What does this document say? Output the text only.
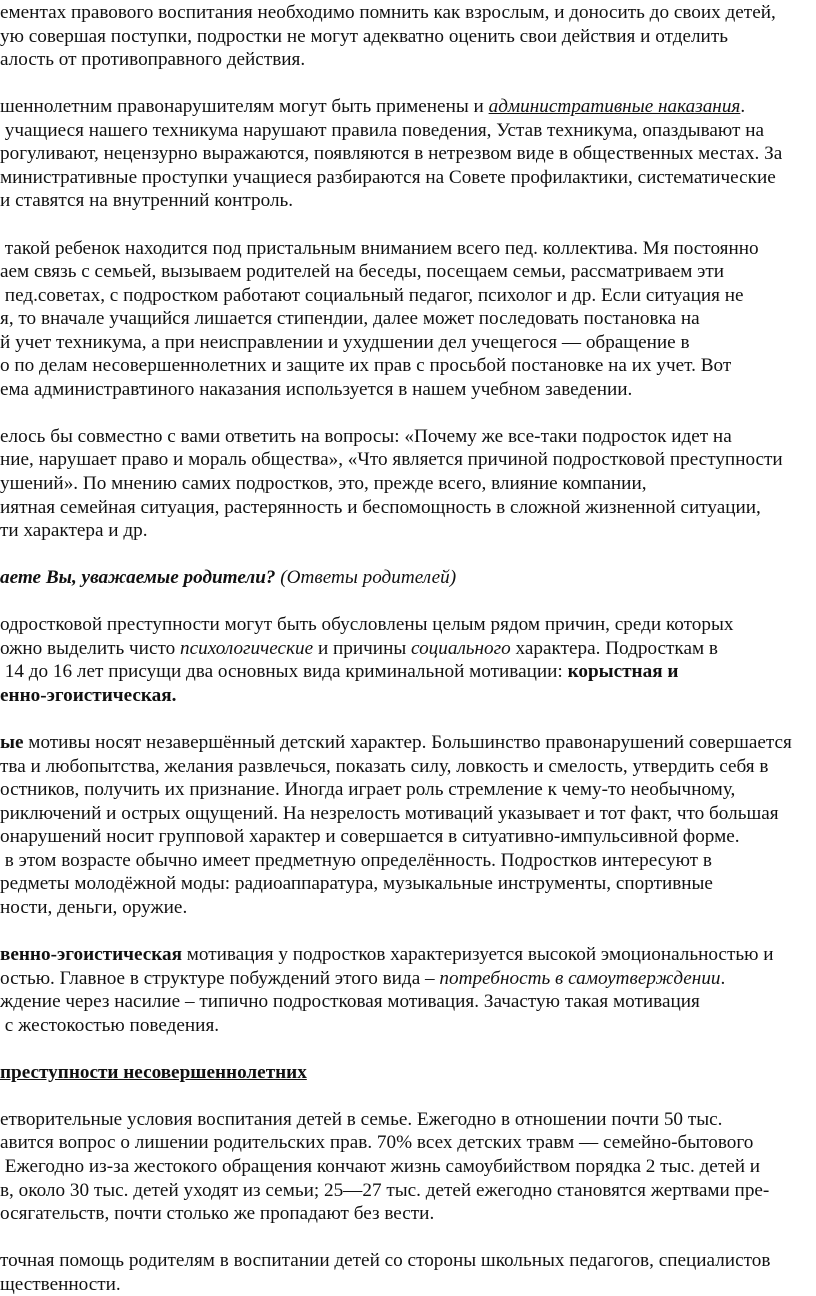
ементах правового воспитания необходимо помнить как взрослым, и доносить до своих детей,
ую совершая поступки, подростки не могут адекватно оценить свои действия и отделить
алость от противоправного действия.
шеннолетним правонарушителям могут быть применены и административные наказания.
учащиеся нашего техникума нарушают правила поведения, Устав техникума, опаздывают на
рогуливают, нецензурно выражаются, появляются в нетрезвом виде в общественных местах. За
министративные проступки учащиеся разбираются на Совете профилактики, систематические
и ставятся на внутренний контроль.
такой ребенок находится под пристальным вниманием всего пед. коллектива. Мя постоянно
аем связь с семьей, вызываем родителей на беседы, посещаем семьи, рассматриваем эти
пед.советах, с подростком работают социальный педагог, психолог и др. Если ситуация не
я, то вначале учащийся лишается стипендии, далее может последовать постановка на
й учет техникума, а при неисправлении и ухудшении дел учещегося — обращение в
о по делам несовершеннолетних и защите их прав с просьбой постановке на их учет. Вот
ема администравтиного наказания используется в нашем учебном заведении.
елось бы совместно с вами ответить на вопросы: «Почему же все-таки подросток идет на
ние, нарушает право и мораль общества», «Что является причиной подростковой преступности
ушений». По мнению самих подростков, это, прежде всего, влияние компании,
иятная семейная ситуация, растерянность и беспомощность в сложной жизненной ситуации,
ти характера и др.
аете Вы, уважаемые родители? (Ответы родителей)
одростковой преступности могут быть обусловлены целым рядом причин, среди которых
ожно выделить чисто психологические и причины социального характера. Подросткам в
14 до 16 лет присущи два основных вида криминальной мотивации: корыстная и
енно-эгоистическая.
ые мотивы носят незавершённый детский характер. Большинство правонарушений совершается
тва и любопытства, желания развлечься, показать силу, ловкость и смелость, утвердить себя в
остников, получить их признание. Иногда играет роль стремление к чему-то необычному,
риключений и острых ощущений. На незрелость мотиваций указывает и тот факт, что большая
онарушений носит групповой характер и совершается в ситуативно-импульсивной форме.
в этом возрасте обычно имеет предметную определённость. Подростков интересуют в
редметы молодёжной моды: радиоаппаратура, музыкальные инструменты, спортивные
ности, деньги, оружие.
венно-эгоистическая мотивация у подростков характеризуется высокой эмоциональностью и
остью. Главное в структуре побуждений этого вида – потребность в самоутверждении.
ждение через насилие – типично подростковая мотивация. Зачастую такая мотивация
с жестокостью поведения.
преступности несовершеннолетних
етворительные условия воспитания детей в семье. Ежегодно в отношении почти 50 тыс.
авится вопрос о лишении родительских прав. 70% всех детских травм — семейно-бытового
Ежегодно из-за жестокого обращения кончают жизнь самоубийством порядка 2 тыс. детей и
в, около 30 тыс. детей уходят из семьи; 25—27 тыс. детей ежегодно становятся жертвами пре-
осягательств, почти столько же пропадают без вести.
точная помощь родителям в воспитании детей со стороны школьных педагогов, специалистов
щественности.
